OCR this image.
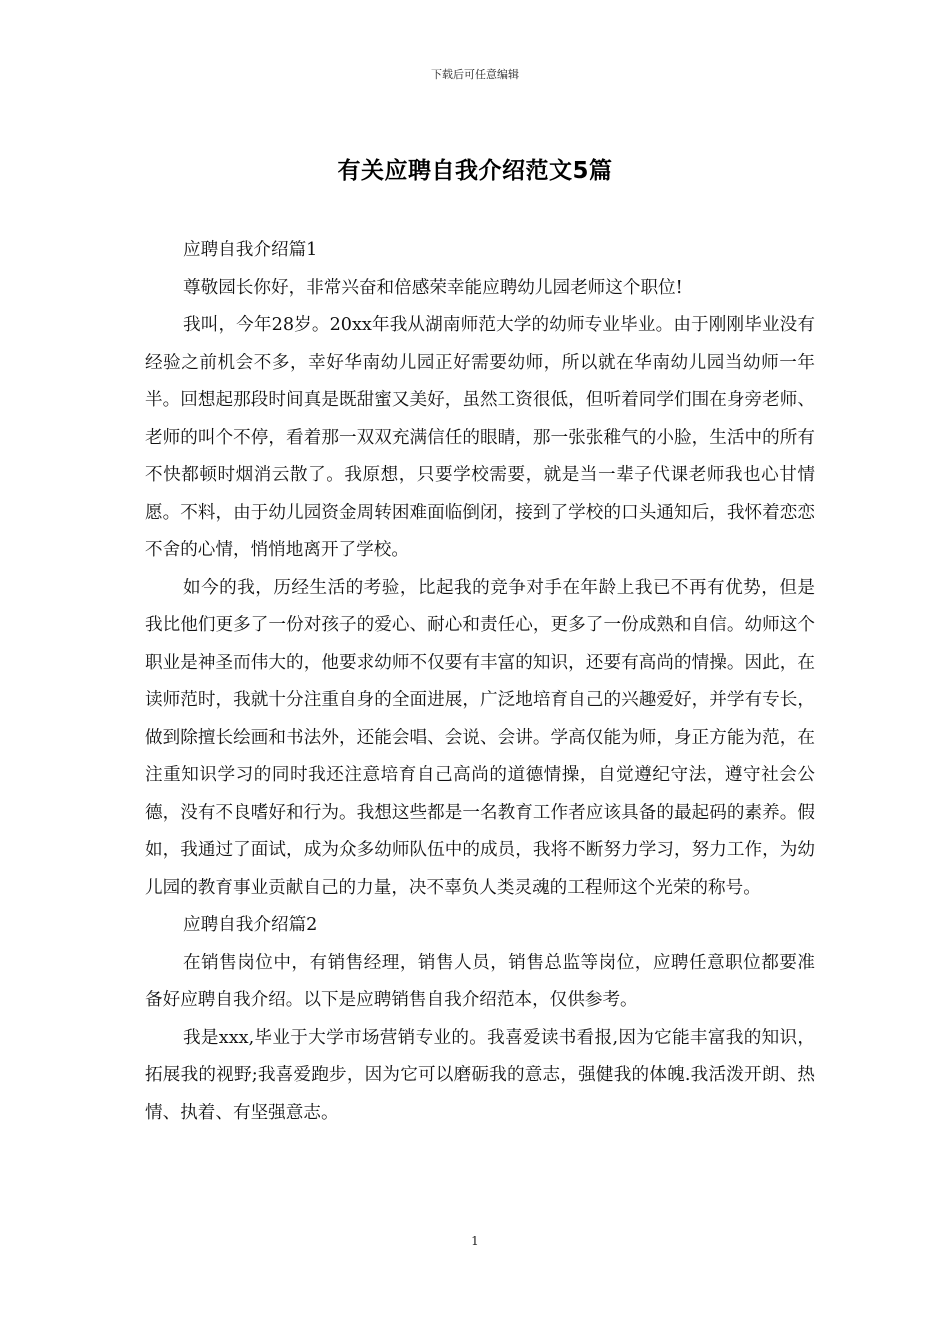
下载后可任意编辑
有关应聘自我介绍范文5篇

应聘自我介绍篇1

尊敬园长你好，非常兴奋和倍感荣幸能应聘幼儿园老师这个职位!

我叫，今年28岁。20xx年我从湖南师范大学的幼师专业毕业。由于刚刚毕业没有经验之前机会不多，幸好华南幼儿园正好需要幼师，所以就在华南幼儿园当幼师一年半。回想起那段时间真是既甜蜜又美好，虽然工资很低，但听着同学们围在身旁老师、老师的叫个不停，看着那一双双充满信任的眼睛，那一张张稚气的小脸，生活中的所有不快都顿时烟消云散了。我原想，只要学校需要，就是当一辈子代课老师我也心甘情愿。不料，由于幼儿园资金周转困难面临倒闭，接到了学校的口头通知后，我怀着恋恋不舍的心情，悄悄地离开了学校。

如今的我，历经生活的考验，比起我的竞争对手在年龄上我已不再有优势，但是我比他们更多了一份对孩子的爱心、耐心和责任心，更多了一份成熟和自信。幼师这个职业是神圣而伟大的，他要求幼师不仅要有丰富的知识，还要有高尚的情操。因此，在读师范时，我就十分注重自身的全面进展，广泛地培育自己的兴趣爱好，并学有专长，做到除擅长绘画和书法外，还能会唱、会说、会讲。学高仅能为师，身正方能为范，在注重知识学习的同时我还注意培育自己高尚的道德情操，自觉遵纪守法，遵守社会公德，没有不良嗜好和行为。我想这些都是一名教育工作者应该具备的最起码的素养。假如，我通过了面试，成为众多幼师队伍中的成员，我将不断努力学习，努力工作，为幼儿园的教育事业贡献自己的力量，决不辜负人类灵魂的工程师这个光荣的称号。

应聘自我介绍篇2

在销售岗位中，有销售经理，销售人员，销售总监等岗位，应聘任意职位都要准备好应聘自我介绍。以下是应聘销售自我介绍范本，仅供参考。

我是xxx,毕业于大学市场营销专业的。我喜爱读书看报,因为它能丰富我的知识，拓展我的视野;我喜爱跑步，因为它可以磨砺我的意志，强健我的体魄.我活泼开朗、热情、执着、有坚强意志。

1
